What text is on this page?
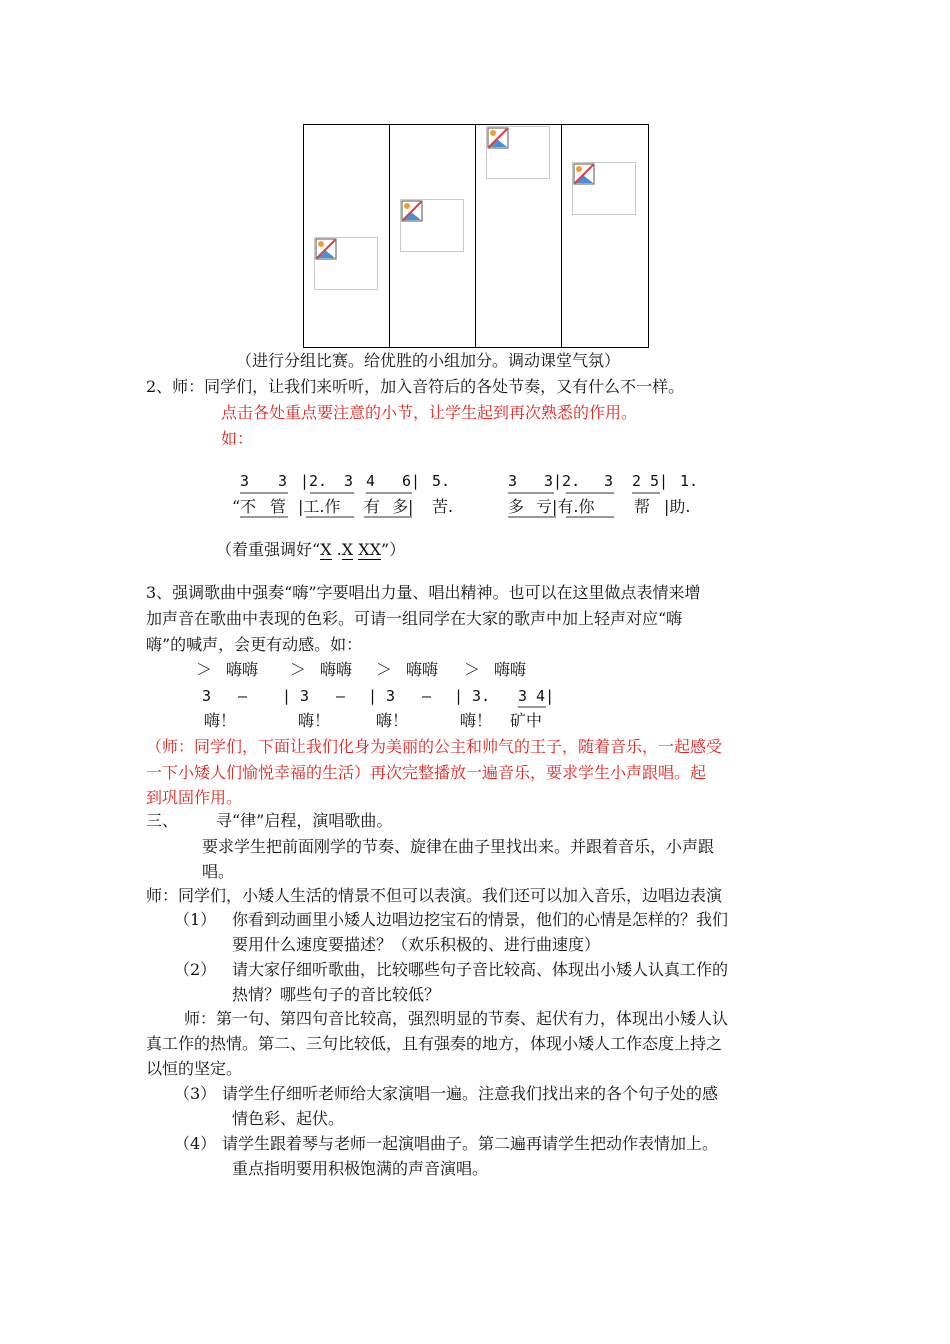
（进行分组比赛。给优胜的小组加分。调动课堂气氛）
2、师：同学们，让我们来听听，加入音符后的各处节奏，又有什么不一样。
点击各处重点要注意的小节，让学生起到再次熟悉的作用。
如：
3 3 |2. 3 4 6| 5.	3 3|2. 3 2 5| 1.
“不 管 |工.作 有 多| 苦.	多 亏|有.你 帮 |助.
（着重强调好“X .X XX”）
3、强调歌曲中强奏“嗨”字要唱出力量、唱出精神。也可以在这里做点表情来增
加声音在歌曲中表现的色彩。可请一组同学在大家的歌声中加上轻声对应“嗨
嗨”的喊声，会更有动感。如：
＞ 嗨嗨 ＞ 嗨嗨 ＞ 嗨嗨 ＞ 嗨嗨
3 – | 3 – | 3 – | 3. 3 4|
嗨！	嗨！	嗨！	嗨！ 矿中
（师：同学们，下面让我们化身为美丽的公主和帅气的王子，随着音乐，一起感受
一下小矮人们愉悦幸福的生活）再次完整播放一遍音乐，要求学生小声跟唱。起
到巩固作用。
三、 寻“律”启程，演唱歌曲。
要求学生把前面刚学的节奏、旋律在曲子里找出来。并跟着音乐，小声跟
唱。
师：同学们，小矮人生活的情景不但可以表演。我们还可以加入音乐，边唱边表演
（1） 你看到动画里小矮人边唱边挖宝石的情景，他们的心情是怎样的？我们
要用什么速度要描述？（欢乐积极的、进行曲速度）
（2） 请大家仔细听歌曲，比较哪些句子音比较高、体现出小矮人认真工作的
热情？哪些句子的音比较低？
师：第一句、第四句音比较高，强烈明显的节奏、起伏有力，体现出小矮人认
真工作的热情。第二、三句比较低，且有强奏的地方，体现小矮人工作态度上持之
以恒的坚定。
（3） 请学生仔细听老师给大家演唱一遍。注意我们找出来的各个句子处的感
情色彩、起伏。
（4） 请学生跟着琴与老师一起演唱曲子。第二遍再请学生把动作表情加上。
重点指明要用积极饱满的声音演唱。
